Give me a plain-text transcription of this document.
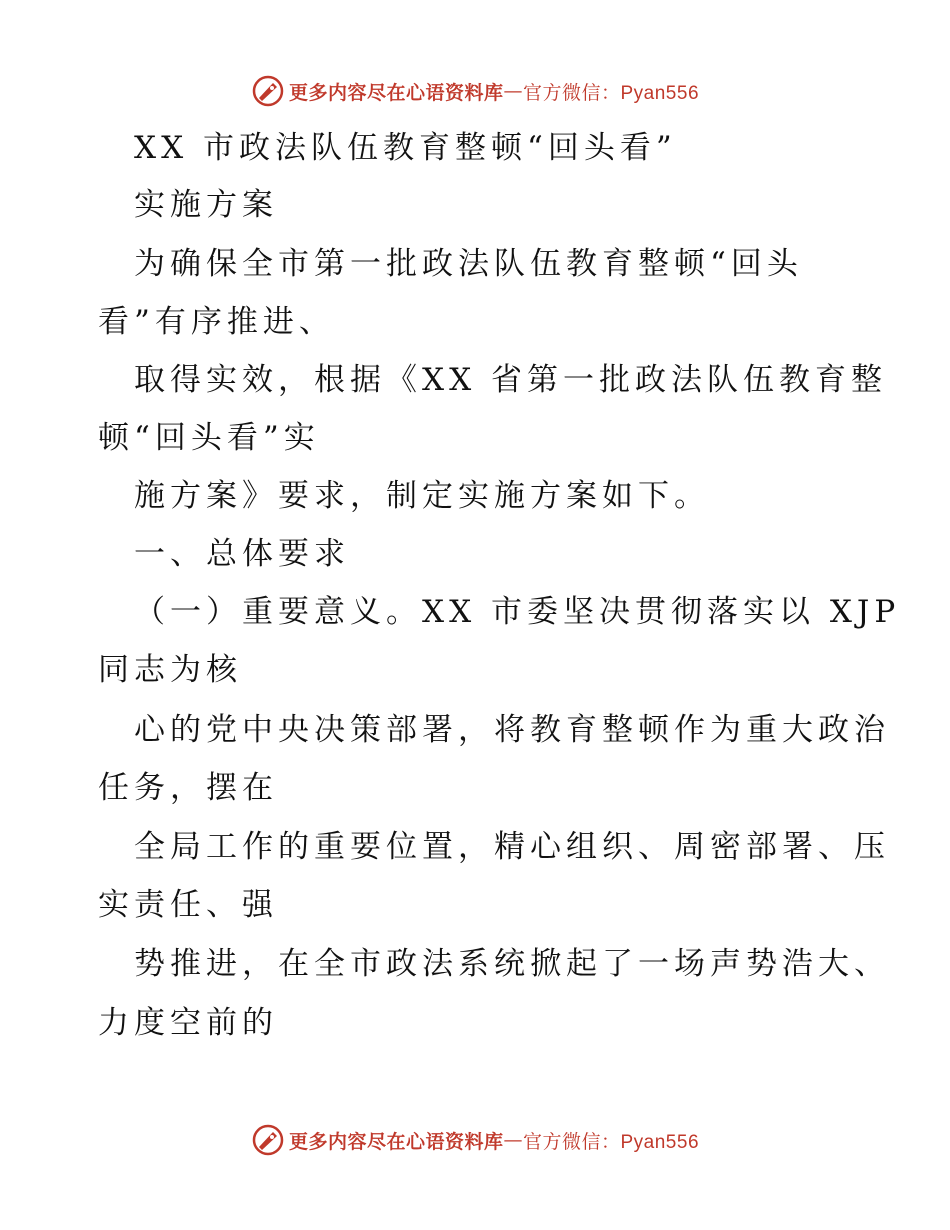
更多内容尽在心语资料库 — 官方微信：Pyan556
XX 市政法队伍教育整顿“回头看”
实施方案
为确保全市第一批政法队伍教育整顿“回头
看”有序推进、
取得实效，根据《XX 省第一批政法队伍教育整
顿“回头看”实
施方案》要求，制定实施方案如下。
一、总体要求
（一）重要意义。XX 市委坚决贯彻落实以 XJP
同志为核
心的党中央决策部署，将教育整顿作为重大政治
任务，摆在
全局工作的重要位置，精心组织、周密部署、压
实责任、强
势推进，在全市政法系统掀起了一场声势浩大、
力度空前的
更多内容尽在心语资料库 — 官方微信：Pyan556
